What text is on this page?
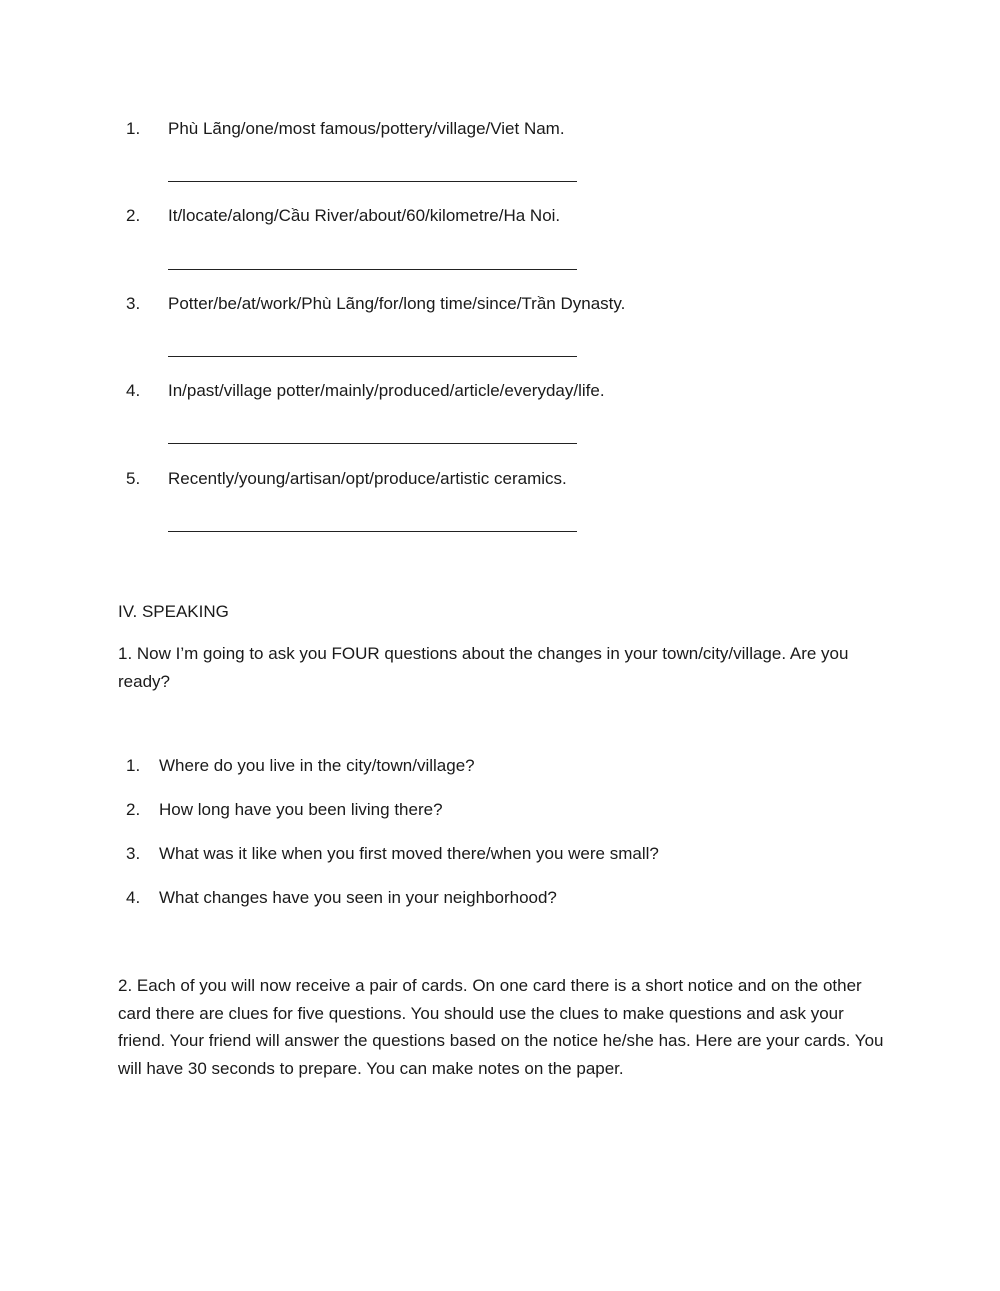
1. Phù Lãng/one/most famous/pottery/village/Viet Nam.
2. It/locate/along/Cầu River/about/60/kilometre/Ha Noi.
3. Potter/be/at/work/Phù Lãng/for/long time/since/Trần Dynasty.
4. In/past/village potter/mainly/produced/article/everyday/life.
5. Recently/young/artisan/opt/produce/artistic ceramics.
IV. SPEAKING
1. Now I’m going to ask you FOUR questions about the changes in your town/city/village. Are you ready?
1. Where do you live in the city/town/village?
2. How long have you been living there?
3. What was it like when you first moved there/when you were small?
4. What changes have you seen in your neighborhood?
2. Each of you will now receive a pair of cards. On one card there is a short notice and on the other card there are clues for five questions. You should use the clues to make questions and ask your friend. Your friend will answer the questions based on the notice he/she has. Here are your cards. You will have 30 seconds to prepare. You can make notes on the paper.
